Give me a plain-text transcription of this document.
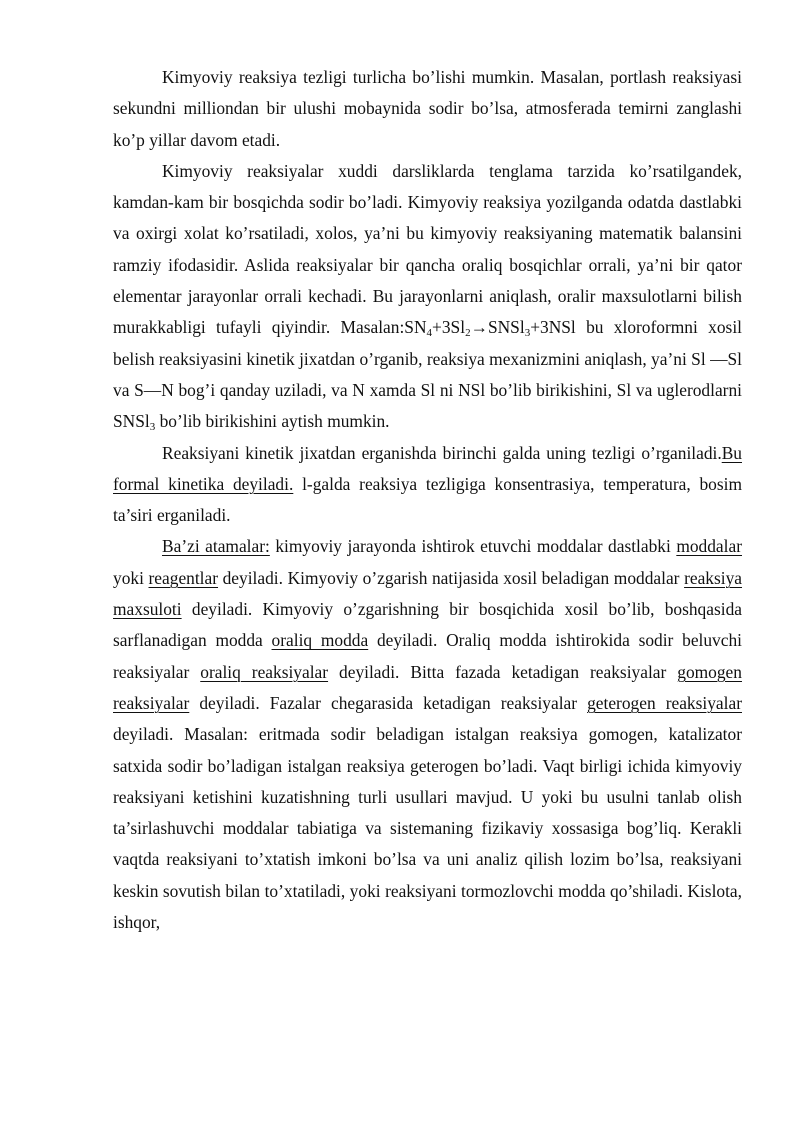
Kimyoviy reaksiya tezligi turlicha bo’lishi mumkin. Masalan, portlash reaksiyasi sekundni milliondan bir ulushi mobaynida sodir bo’lsa, atmosferada temirni zanglashi ko’p yillar davom etadi.

Kimyoviy reaksiyalar xuddi darsliklarda tenglama tarzida ko’rsatilgandek, kamdan-kam bir bosqichda sodir bo’ladi. Kimyoviy reaksiya yozilganda odatda dastlabki va oxirgi xolat ko’rsatiladi, xolos, ya’ni bu kimyoviy reaksiyaning matematik balansini ramziy ifodasidir. Aslida reaksiyalar bir qancha oraliq bosqichlar orrali, ya’ni bir qator elementar jarayonlar orrali kechadi. Bu jarayonlarni aniqlash, oralir maxsulotlarni bilish murakkabligi tufayli qiyindir. $Masalan:SN_4+3Sl_2\to SNSl_3+3NSl$ bu xloroformni xosil belish reaksiyasini kinetik jixatdan o’rganib, reaksiya mexanizmini aniqlash, ya’ni Sl —Sl va S—N bog’i qanday uziladi, va N xamda Sl ni NSl bo’lib birikishini, Sl va uglerodlarni SNSl$_3$ bo’lib birikishini aytish mumkin.

Reaksiyani kinetik jixatdan erganishda birinchi galda uning tezligi o’rganiladi.Bu formal kinetika deyiladi. l-galda reaksiya tezligiga konsentrasiya, temperatura, bosim ta’siri erganiladi.

Ba’zi atamalar: kimyoviy jarayonda ishtirok etuvchi moddalar dastlabki moddalar yoki reagentlar deyiladi. Kimyoviy o’zgarish natijasida xosil beladigan moddalar reaksiya maxsuloti deyiladi. Kimyoviy o’zgarishning bir bosqichida xosil bo’lib, boshqasida sarflanadigan modda oraliq modda deyiladi. Oraliq modda ishtirokida sodir beluvchi reaksiyalar oraliq reaksiyalar deyiladi. Bitta fazada ketadigan reaksiyalar gomogen reaksiyalar deyiladi. Fazalar chegarasida ketadigan reaksiyalar geterogen reaksiyalar deyiladi. Masalan: eritmada sodir beladigan istalgan reaksiya gomogen, katalizator satxida sodir bo’ladigan istalgan reaksiya geterogen bo’ladi. Vaqt birligi ichida kimyoviy reaksiyani ketishini kuzatishning turli usullari mavjud. U yoki bu usulni tanlab olish ta’sirlashuvchi moddalar tabiatiga va sistemaning fizikaviy xossasiga bog’liq. Kerakli vaqtda reaksiyani to’xtatish imkoni bo’lsa va uni analiz qilish lozim bo’lsa, reaksiyani keskin sovutish bilan to’xtatiladi, yoki reaksiyani tormozlovchi modda qo’shiladi. Kislota, ishqor,
